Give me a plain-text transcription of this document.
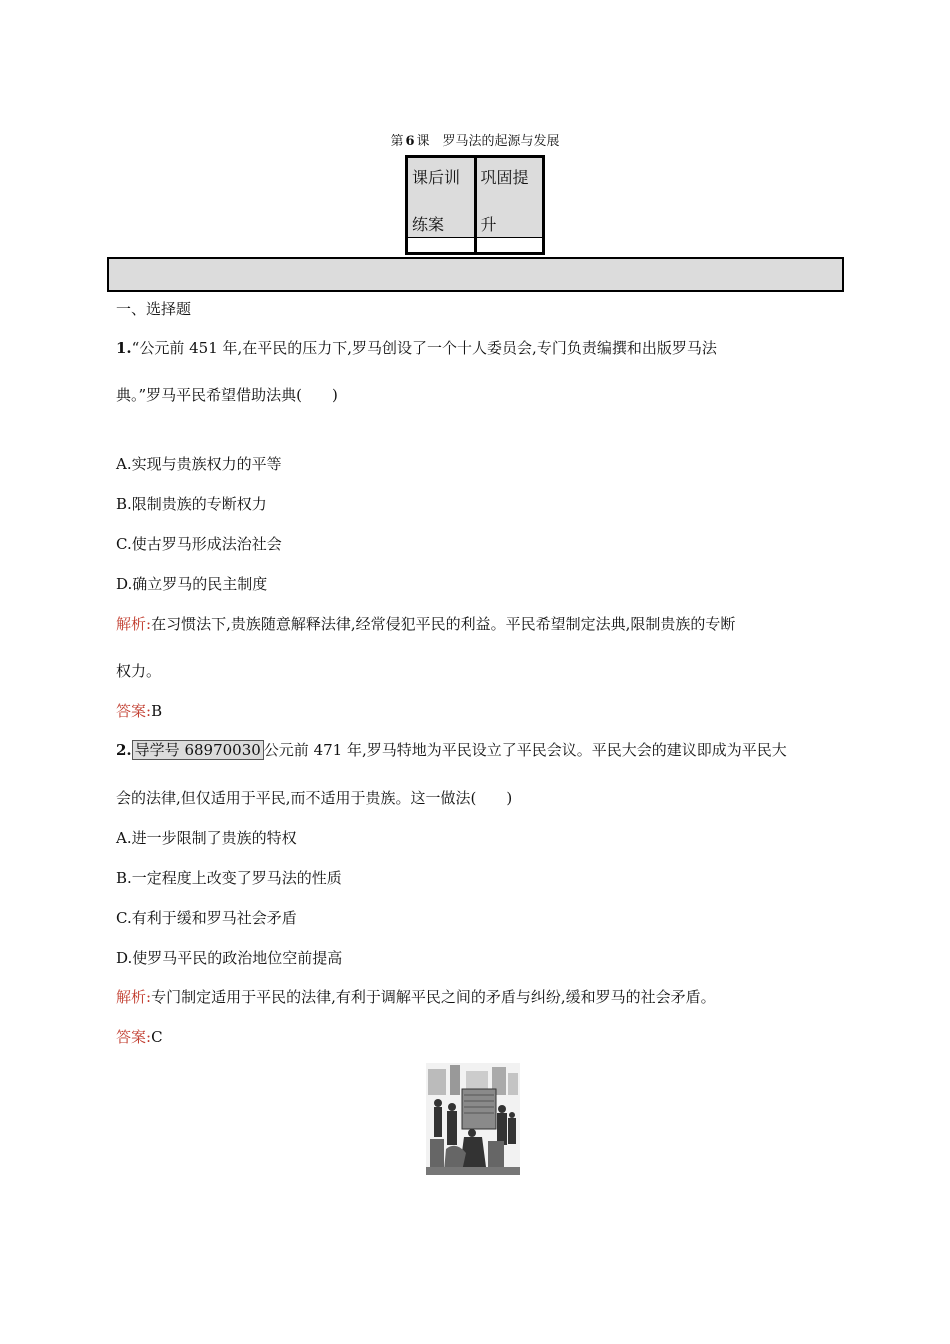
第 6 课　罗马法的起源与发展
课后训
练案
巩固提
升
一、选择题
1.“公元前 451 年,在平民的压力下,罗马创设了一个十人委员会,专门负责编撰和出版罗马法
典。”罗马平民希望借助法典(　　)
A.实现与贵族权力的平等
B.限制贵族的专断权力
C.使古罗马形成法治社会
D.确立罗马的民主制度
解析:在习惯法下,贵族随意解释法律,经常侵犯平民的利益。平民希望制定法典,限制贵族的专断
权力。
答案:B
2. 导学号 68970030 公元前 471 年,罗马特地为平民设立了平民会议。平民大会的建议即成为平民大
会的法律,但仅适用于平民,而不适用于贵族。这一做法(　　)
A.进一步限制了贵族的特权
B.一定程度上改变了罗马法的性质
C.有利于缓和罗马社会矛盾
D.使罗马平民的政治地位空前提高
解析:专门制定适用于平民的法律,有利于调解平民之间的矛盾与纠纷,缓和罗马的社会矛盾。
答案:C
